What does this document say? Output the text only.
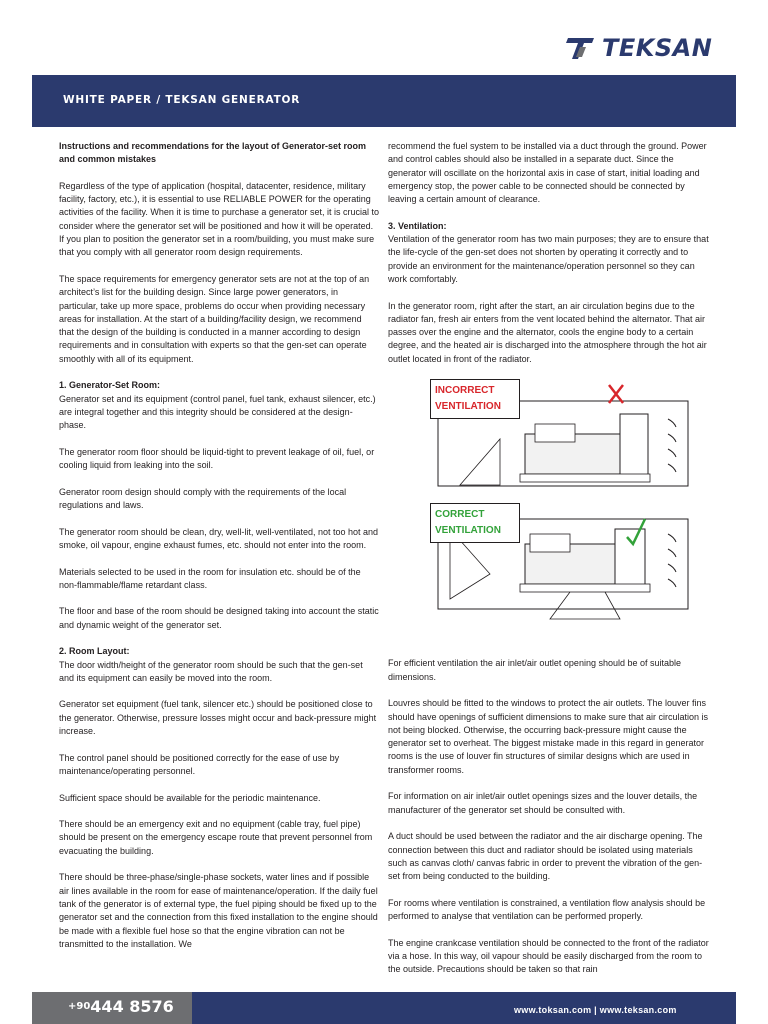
TEKSAN
WHITE PAPER / TEKSAN GENERATOR

Instructions and recommendations for the layout of Generator-set room and common mistakes

Regardless of the type of application (hospital, datacenter, residence, military facility, factory, etc.), it is essential to use RELIABLE POWER for the operating activities of the facility. When it is time to purchase a generator set, it is crucial to consider where the generator set will be positioned and how it will be operated. If you plan to position the generator set in a room/building, you must make sure that you comply with all generator room design requirements.

The space requirements for emergency generator sets are not at the top of an architect’s list for the building design. Since large power generators, in particular, take up more space, problems do occur when providing necessary areas for installation. At the start of a building/facility design, we recommend that the design of the building is conducted in a manner according to design requirements and in consultation with experts so that the gen-set can operate smoothly with all of its equipment.

1. Generator-Set Room:

Generator set and its equipment (control panel, fuel tank, exhaust silencer, etc.) are integral together and this integrity should be considered at the design-phase.

The generator room floor should be liquid-tight to prevent leakage of oil, fuel, or cooling liquid from leaking into the soil.

Generator room design should comply with the requirements of the local regulations and laws.

The generator room should be clean, dry, well-lit, well-ventilated, not too hot and smoke, oil vapour, engine exhaust fumes, etc. should not enter into the room.

Materials selected to be used in the room for insulation etc. should be of the non-flammable/flame retardant class.

The floor and base of the room should be designed taking into account the static and dynamic weight of the generator set.

2. Room Layout:

The door width/height of the generator room should be such that the gen-set and its equipment can easily be moved into the room.

Generator set equipment (fuel tank, silencer etc.) should be positioned close to the generator. Otherwise, pressure losses might occur and back-pressure might increase.

The control panel should be positioned correctly for the ease of use by maintenance/operating personnel.

Sufficient space should be available for the periodic maintenance.

There should be an emergency exit and no equipment (cable tray, fuel pipe) should be present on the emergency escape route that prevent personnel from evacuating the building.

There should be three-phase/single-phase sockets, water lines and if possible air lines available in the room for ease of maintenance/operation. If the daily fuel tank of the generator is of external type, the fuel piping should be fixed up to the generator set and the connection from this fixed installation to the engine should be made with a flexible fuel hose so that the engine vibration can not be transmitted to the installation. We

recommend the fuel system to be installed via a duct through the ground. Power and control cables should also be installed in a separate duct. Since the generator will oscillate on the horizontal axis in case of start, initial loading and emergency stop, the power cable to be connected should be connected by leaving a certain amount of clearance.

3. Ventilation:

Ventilation of the generator room has two main purposes; they are to ensure that the life-cycle of the gen-set does not shorten by operating it correctly and to provide an environment for the maintenance/operation personnel so they can work comfortably.

In the generator room, right after the start, an air circulation begins due to the radiator fan, fresh air enters from the vent located behind the alternator. That air passes over the engine and the alternator, cools the engine body to a certain degree, and the heated air is discharged into the atmosphere through the hot air outlet located in front of the radiator.

INCORRECT VENTILATION
CORRECT VENTILATION

For efficient ventilation the air inlet/air outlet opening should be of suitable dimensions.

Louvres should be fitted to the windows to protect the air outlets. The louver fins should have openings of sufficient dimensions to make sure that air circulation is not being blocked. Otherwise, the occurring back-pressure might cause the generator set to overheat. The biggest mistake made in this regard in generator rooms is the use of louver fin structures of similar designs which are used in transformer rooms.

For information on air inlet/air outlet openings sizes and the louver details, the manufacturer of the generator set should be consulted with.

A duct should be used between the radiator and the air discharge opening. The connection between this duct and radiator should be isolated using materials such as canvas cloth/ canvas fabric in order to prevent the vibration of the gen-set from being conducted to the building.

For rooms where ventilation is constrained, a ventilation flow analysis should be performed to analyse that ventilation can be performed properly.

The engine crankcase ventilation should be connected to the front of the radiator via a hose. In this way, oil vapour should be easily discharged from the room to the outside. Precautions should be taken so that rain

+90444 8576	www.toksan.com | www.teksan.com
